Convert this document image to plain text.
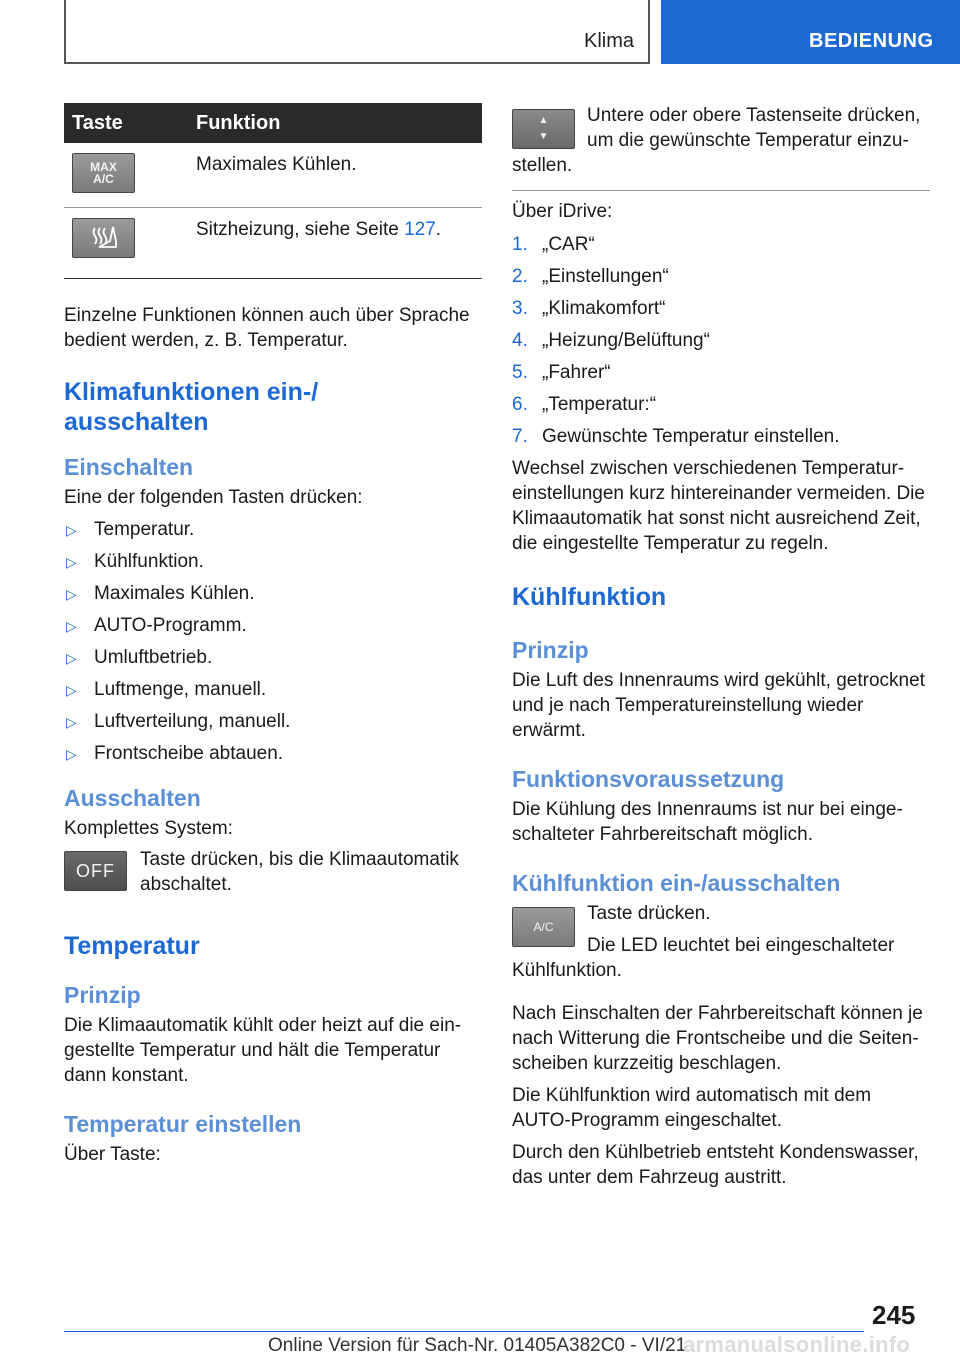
Klima	BEDIENUNG
Taste	Funktion

MAX
A/C	Maximales Kühlen.

	Sitzheizung, siehe Seite 127.

Einzelne Funktionen können auch über Sprache bedient werden, z. B. Temperatur.

Klimafunktionen ein-/ ausschalten
Einschalten

Eine der folgenden Tasten drücken:

▷ Temperatur.
▷ Kühlfunktion.
▷ Maximales Kühlen.
▷ AUTO-Programm.
▷ Umluftbetrieb.
▷ Luftmenge, manuell.
▷ Luftverteilung, manuell.
▷ Frontscheibe abtauen.
Ausschalten

Komplettes System:

OFF
Taste drücken, bis die Klimaautomatik abschaltet.
Temperatur
Prinzip

Die Klimaautomatik kühlt oder heizt auf die eingestellte Temperatur und hält die Temperatur dann konstant.

Temperatur einstellen

Über Taste:

▲
▼

Untere oder obere Tastenseite drücken, um die gewünschte Temperatur einzustellen.

Über iDrive:

1. „CAR“
2. „Einstellungen“
3. „Klimakomfort“
4. „Heizung/Belüftung“
5. „Fahrer“
6. „Temperatur:“
7. Gewünschte Temperatur einstellen.

Wechsel zwischen verschiedenen Temperatureinstellungen kurz hintereinander vermeiden. Die Klimaautomatik hat sonst nicht ausreichend Zeit, die eingestellte Temperatur zu regeln.

Kühlfunktion
Prinzip

Die Luft des Innenraums wird gekühlt, getrocknet und je nach Temperatureinstellung wieder erwärmt.

Funktionsvoraussetzung

Die Kühlung des Innenraums ist nur bei eingeschalteter Fahrbereitschaft möglich.

Kühlfunktion ein-/ausschalten
A/C

Taste drücken.

Die LED leuchtet bei eingeschalteter Kühlfunktion.

Nach Einschalten der Fahrbereitschaft können je nach Witterung die Frontscheibe und die Seitenscheiben kurzzeitig beschlagen.

Die Kühlfunktion wird automatisch mit dem AUTO-Programm eingeschaltet.

Durch den Kühlbetrieb entsteht Kondenswasser, das unter dem Fahrzeug austritt.

245
Online Version für Sach-Nr. 01405A382C0 - VI/21
armanualsonline.info
